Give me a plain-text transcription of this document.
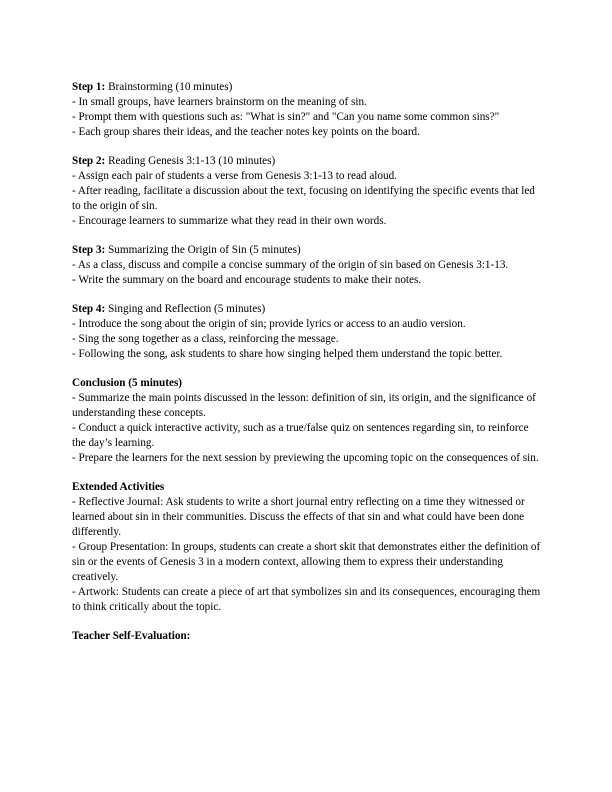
Step 1: Brainstorming (10 minutes)

- In small groups, have learners brainstorm on the meaning of sin.

- Prompt them with questions such as: "What is sin?" and "Can you name some common sins?"

- Each group shares their ideas, and the teacher notes key points on the board.

Step 2: Reading Genesis 3:1-13 (10 minutes)

- Assign each pair of students a verse from Genesis 3:1-13 to read aloud.

- After reading, facilitate a discussion about the text, focusing on identifying the specific events that led to the origin of sin.

- Encourage learners to summarize what they read in their own words.

Step 3: Summarizing the Origin of Sin (5 minutes)

- As a class, discuss and compile a concise summary of the origin of sin based on Genesis 3:1-13.

- Write the summary on the board and encourage students to make their notes.

Step 4: Singing and Reflection (5 minutes)

- Introduce the song about the origin of sin; provide lyrics or access to an audio version.

- Sing the song together as a class, reinforcing the message.

- Following the song, ask students to share how singing helped them understand the topic better.

Conclusion (5 minutes)

- Summarize the main points discussed in the lesson: definition of sin, its origin, and the significance of understanding these concepts.

- Conduct a quick interactive activity, such as a true/false quiz on sentences regarding sin, to reinforce the day’s learning.

- Prepare the learners for the next session by previewing the upcoming topic on the consequences of sin.

Extended Activities

- Reflective Journal: Ask students to write a short journal entry reflecting on a time they witnessed or learned about sin in their communities. Discuss the effects of that sin and what could have been done differently.

- Group Presentation: In groups, students can create a short skit that demonstrates either the definition of sin or the events of Genesis 3 in a modern context, allowing them to express their understanding creatively.

- Artwork: Students can create a piece of art that symbolizes sin and its consequences, encouraging them to think critically about the topic.

Teacher Self-Evaluation:
